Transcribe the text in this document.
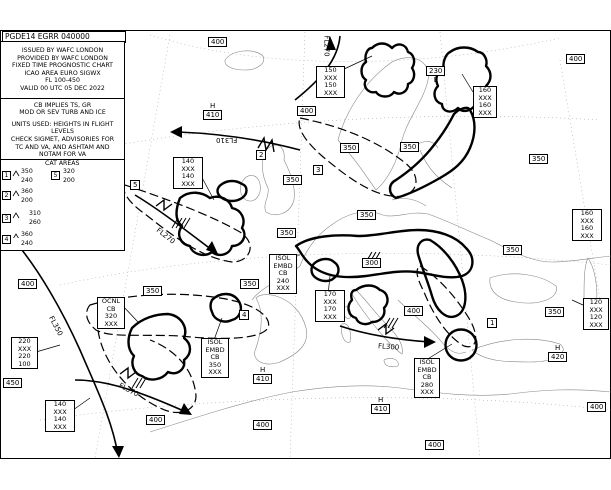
PGDE14 EGRR 040000
ISSUED BY WAFC LONDON
PROVIDED BY WAFC LONDON
FIXED TIME PROGNOSTIC CHART
ICAO AREA EURO SIGWX
FL 100-450
VALID 00 UTC 05 DEC 2022
CB IMPLIES TS, GR
MOD OR SEV TURB AND ICE
UNITS USED: HEIGHTS IN FLIGHT LEVELS
CHECK SIGMET, ADVISORIES FOR
TC AND VA, AND ASHTAM AND
NOTAM FOR VA
CAT AREAS
1
350
240
2
360
200
3
310
260
4
360
240
5
320
200
400
400
400
400
350
350
350
350
350
350
350
300
400
350
450
400
400
400
400
350
H
410
230
L
H
410
H
410
H
420
150
XXX
150
XXX	160
XXX
160
XXX
140
XXX
140
XXX
160
XXX
160
XXX
170
XXX
170
XXX
120
XXX
120
XXX
220
XXX
220
100
140
XXX
140
XXX
ISOL
EMBD
CB
240
XXX
OCNL
CB
320
XXX
ISOL
EMBD
CB
350
XXX
ISOL
EMBD
CB
280
XXX
FL310
FL270
FL270
FL350
FL370
FL300
2
3
5
4
1
350
